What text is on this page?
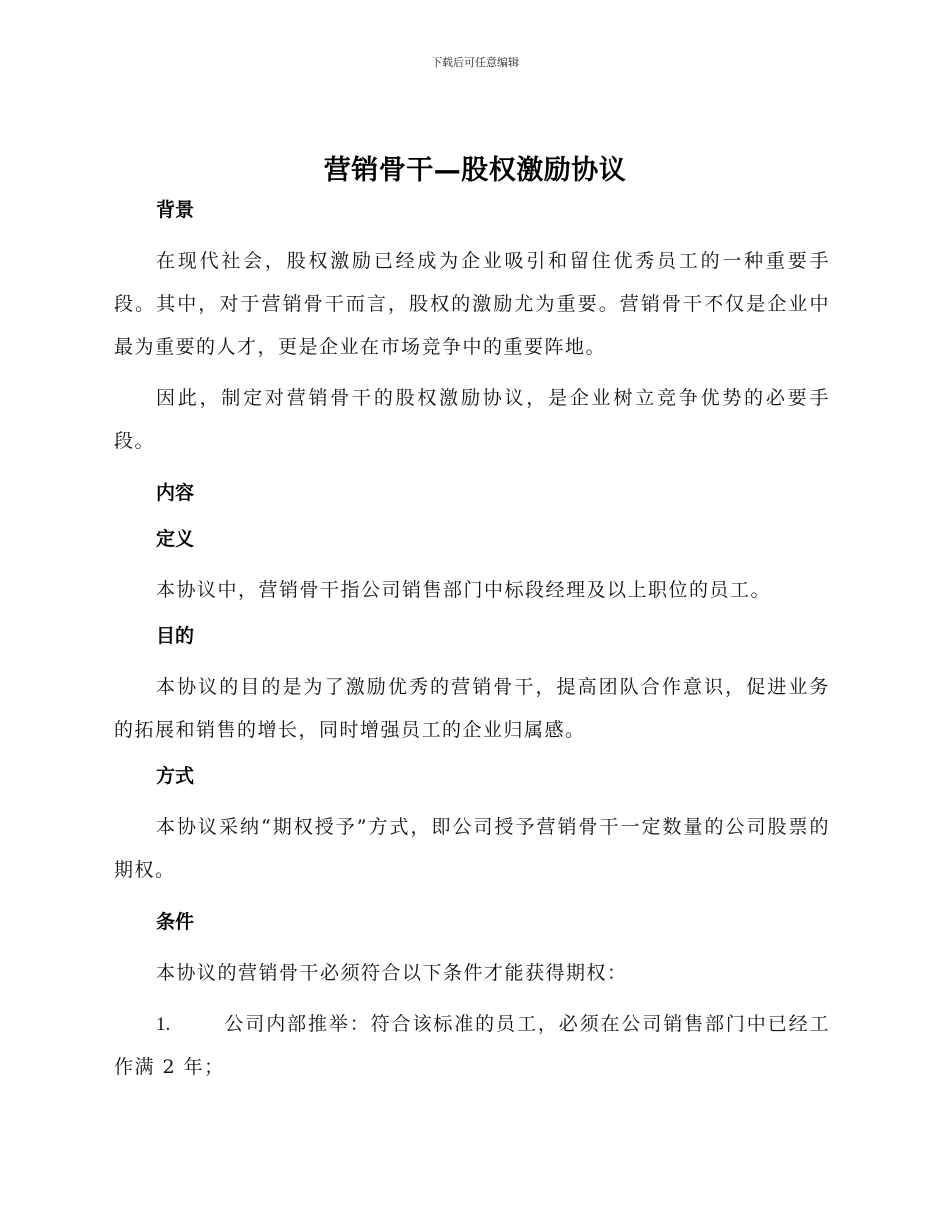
下载后可任意编辑
营销骨干—股权激励协议

背景

在现代社会，股权激励已经成为企业吸引和留住优秀员工的一种重要手段。其中，对于营销骨干而言，股权的激励尤为重要。营销骨干不仅是企业中最为重要的人才，更是企业在市场竞争中的重要阵地。

因此，制定对营销骨干的股权激励协议，是企业树立竞争优势的必要手段。

内容

定义

本协议中，营销骨干指公司销售部门中标段经理及以上职位的员工。

目的

本协议的目的是为了激励优秀的营销骨干，提高团队合作意识，促进业务的拓展和销售的增长，同时增强员工的企业归属感。

方式

本协议采纳“期权授予”方式，即公司授予营销骨干一定数量的公司股票的期权。

条件

本协议的营销骨干必须符合以下条件才能获得期权：

1.	公司内部推举：符合该标准的员工，必须在公司销售部门中已经工作满 2 年；
